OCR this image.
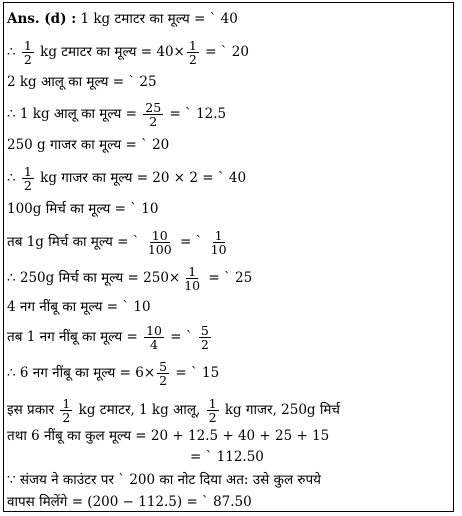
Ans. (d) : 1 kg टमाटर का मूल्य = ` 40
∴ $\frac{1}{2}$ kg टमाटर का मूल्य = $40\times \frac{1}{2}$ = ` 20
2 kg आलू का मूल्य = ` 25
∴ 1 kg आलू का मूल्य = $\frac{25}{2}$ = ` 12.5
250 g गाजर का मूल्य = ` 20
∴ $\frac{1}{2}$ kg गाजर का मूल्य = 20 × 2 = ` 40
100g मिर्च का मूल्य = ` 10
तब 1g मिर्च का मूल्य = ` $\frac{10}{100}$ = ` $\frac{1}{10}$
∴ 250g मिर्च का मूल्य = $250\times \frac{1}{10}$ = ` 25
4 नग नींबू का मूल्य = ` 10
तब 1 नग नींबू का मूल्य = $\frac{10}{4}$ = ` $\frac{5}{2}$
∴ 6 नग नींबू का मूल्य = $6\times \frac{5}{2}$ = ` 15
इस प्रकार $\frac{1}{2}$ kg टमाटर, 1 kg आलू, $\frac{1}{2}$ kg गाजर, 250g मिर्च
तथा 6 नींबू का कुल मूल्य = 20 + 12.5 + 40 + 25 + 15
= ` 112.50
∵ संजय ने काउंटर पर ` 200 का नोट दिया अत: उसे कुल रुपये
वापस मिलेंगे = (200 − 112.5) = ` 87.50
